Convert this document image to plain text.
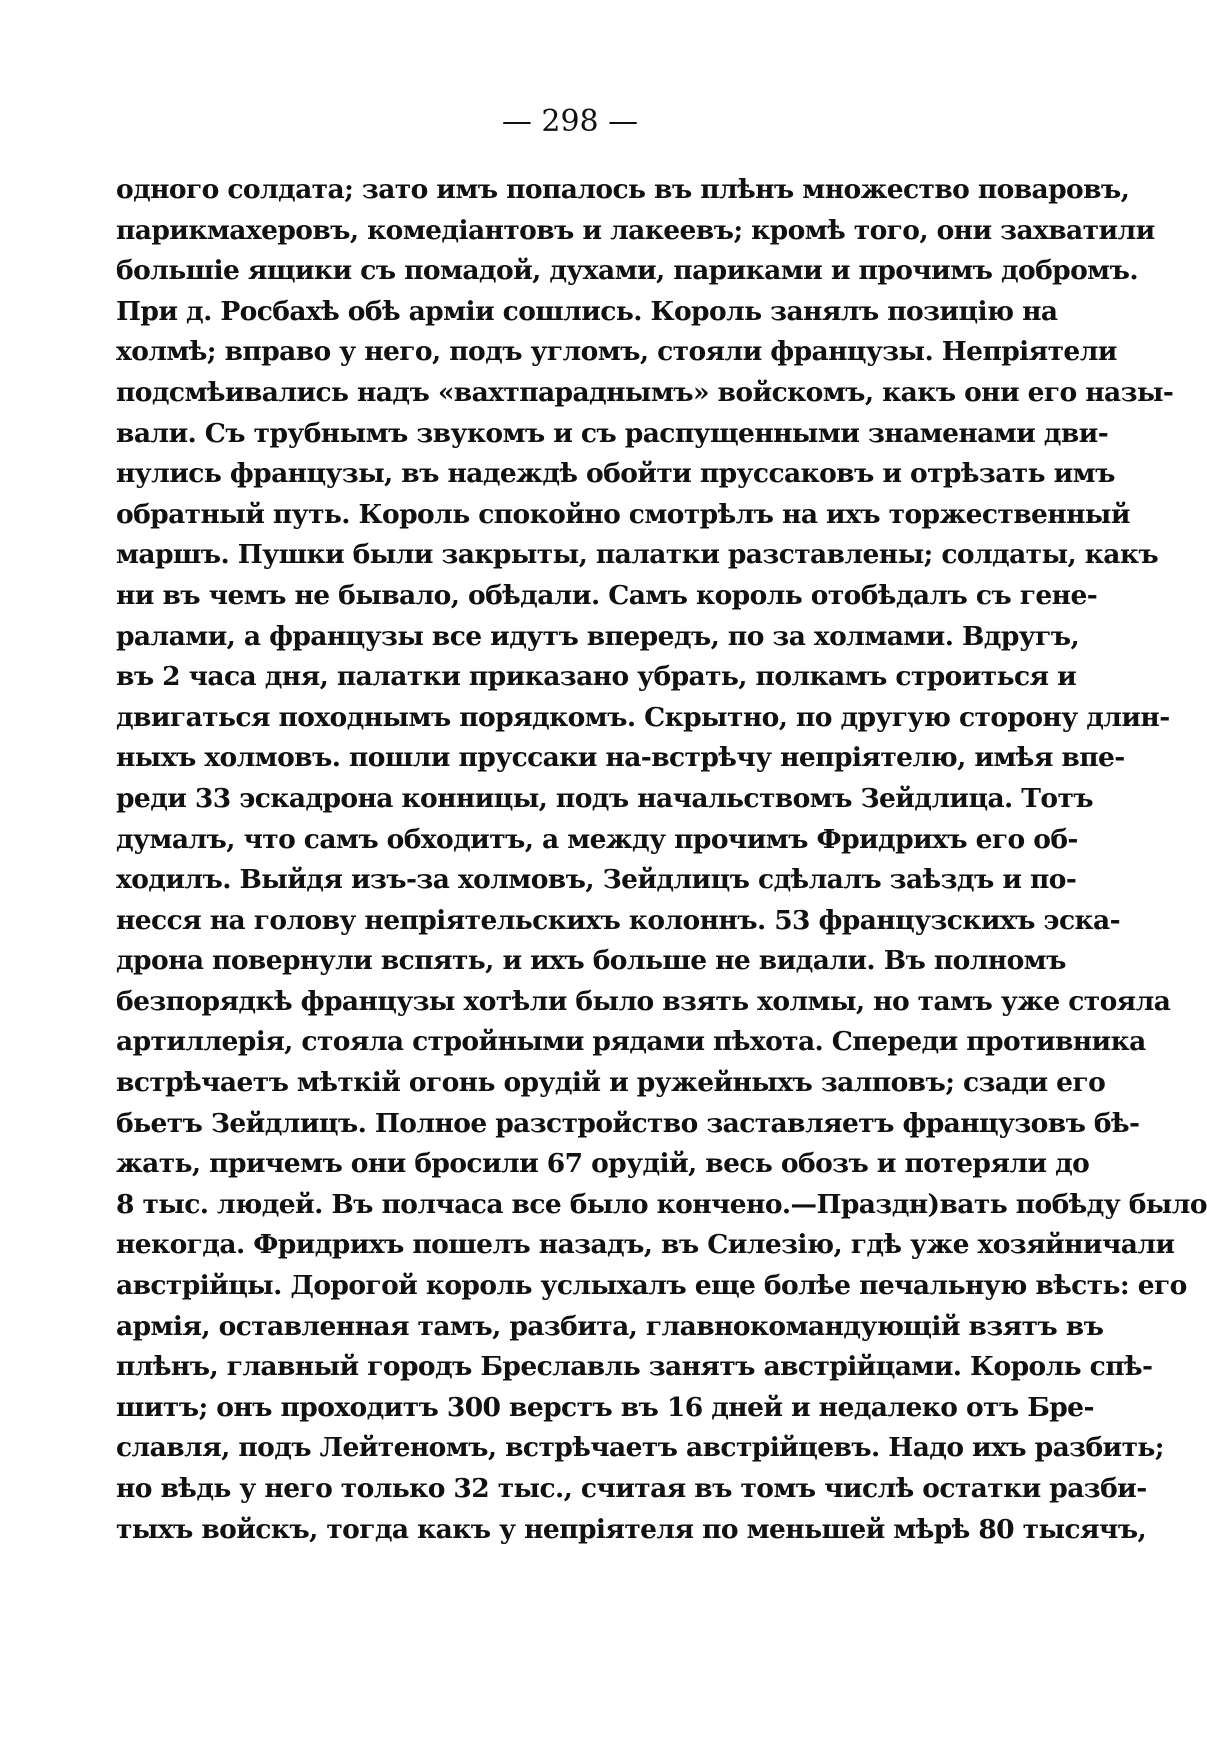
— 298 —
одного солдата; зато имъ попалось въ плѣнъ множество поваровъ,
парикмахеровъ, комедіантовъ и лакеевъ; кромѣ того, они захватили
большіе ящики съ помадой, духами, париками и прочимъ добромъ.
При д. Росбахѣ обѣ арміи сошлись. Король занялъ позицію на
холмѣ; вправо у него, подъ угломъ, стояли французы. Непріятели
подсмѣивались надъ «вахтпараднымъ» войскомъ, какъ они его назы-
вали. Съ трубнымъ звукомъ и съ распущенными знаменами дви-
нулись французы, въ надеждѣ обойти пруссаковъ и отрѣзать имъ
обратный путь. Король спокойно смотрѣлъ на ихъ торжественный
маршъ. Пушки были закрыты, палатки разставлены; солдаты, какъ
ни въ чемъ не бывало, обѣдали. Самъ король отобѣдалъ съ гене-
ралами, а французы все идутъ впередъ, по за холмами. Вдругъ,
въ 2 часа дня, палатки приказано убрать, полкамъ строиться и
двигаться походнымъ порядкомъ. Скрытно, по другую сторону длин-
ныхъ холмовъ. пошли пруссаки на-встрѣчу непріятелю, имѣя впе-
реди 33 эскадрона конницы, подъ начальствомъ Зейдлица. Тотъ
думалъ, что самъ обходитъ, а между прочимъ Фридрихъ его об-
ходилъ. Выйдя изъ-за холмовъ, Зейдлицъ сдѣлалъ заѣздъ и по-
несся на голову непріятельскихъ колоннъ. 53 французскихъ эска-
дрона повернули вспять, и ихъ больше не видали. Въ полномъ
безпорядкѣ французы хотѣли было взять холмы, но тамъ уже стояла
артиллерія, стояла стройными рядами пѣхота. Спереди противника
встрѣчаетъ мѣткій огонь орудій и ружейныхъ залповъ; сзади его
бьетъ Зейдлицъ. Полное разстройство заставляетъ французовъ бѣ-
жать, причемъ они бросили 67 орудій, весь обозъ и потеряли до
8 тыс. людей. Въ полчаса все было кончено.—Праздн)вать побѣду было
некогда. Фридрихъ пошелъ назадъ, въ Силезію, гдѣ уже хозяйничали
австрійцы. Дорогой король услыхалъ еще болѣе печальную вѣсть: его
армія, оставленная тамъ, разбита, главнокомандующій взятъ въ
плѣнъ, главный городъ Бреславль занятъ австрійцами. Король спѣ-
шитъ; онъ проходитъ 300 верстъ въ 16 дней и недалеко отъ Бре-
славля, подъ Лейтеномъ, встрѣчаетъ австрійцевъ. Надо ихъ разбить;
но вѣдь у него только 32 тыс., считая въ томъ числѣ остатки разби-
тыхъ войскъ, тогда какъ у непріятеля по меньшей мѣрѣ 80 тысячъ,
